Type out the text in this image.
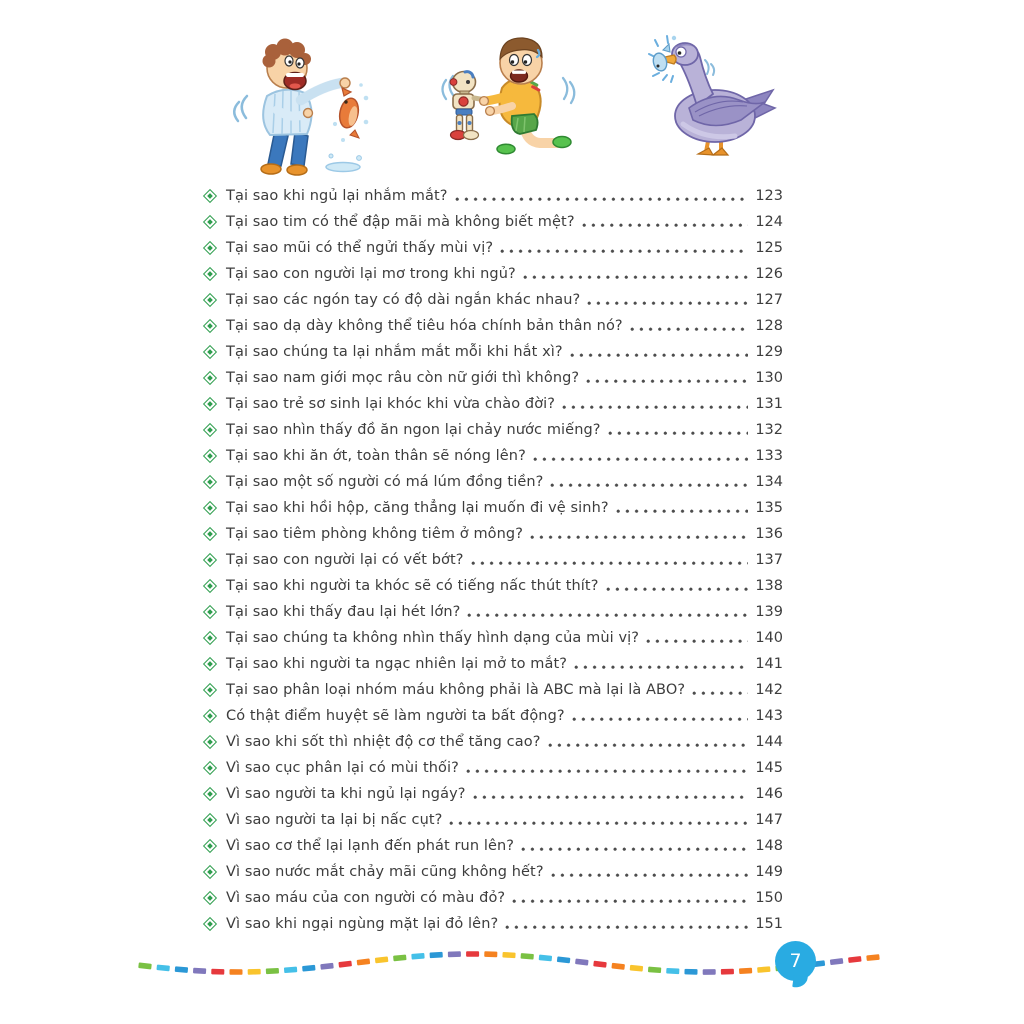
Tại sao khi ngủ lại nhắm mắt?	123
Tại sao tim có thể đập mãi mà không biết mệt?	124
Tại sao mũi có thể ngửi thấy mùi vị?	125
Tại sao con người lại mơ trong khi ngủ?	126
Tại sao các ngón tay có độ dài ngắn khác nhau?	127
Tại sao dạ dày không thể tiêu hóa chính bản thân nó?	128
Tại sao chúng ta lại nhắm mắt mỗi khi hắt xì?	129
Tại sao nam giới mọc râu còn nữ giới thì không?	130
Tại sao trẻ sơ sinh lại khóc khi vừa chào đời?	131
Tại sao nhìn thấy đồ ăn ngon lại chảy nước miếng?	132
Tại sao khi ăn ớt, toàn thân sẽ nóng lên?	133
Tại sao một số người có má lúm đồng tiền?	134
Tại sao khi hồi hộp, căng thẳng lại muốn đi vệ sinh?	135
Tại sao tiêm phòng không tiêm ở mông?	136
Tại sao con người lại có vết bớt?	137
Tại sao khi người ta khóc sẽ có tiếng nấc thút thít?	138
Tại sao khi thấy đau lại hét lớn?	139
Tại sao chúng ta không nhìn thấy hình dạng của mùi vị?	140
Tại sao khi người ta ngạc nhiên lại mở to mắt?	141
Tại sao phân loại nhóm máu không phải là ABC mà lại là ABO?	142
Có thật điểm huyệt sẽ làm người ta bất động?	143
Vì sao khi sốt thì nhiệt độ cơ thể tăng cao?	144
Vì sao cục phân lại có mùi thối?	145
Vì sao người ta khi ngủ lại ngáy?	146
Vì sao người ta lại bị nấc cụt?	147
Vì sao cơ thể lại lạnh đến phát run lên?	148
Vì sao nước mắt chảy mãi cũng không hết?	149
Vì sao máu của con người có màu đỏ?	150
Vì sao khi ngại ngùng mặt lại đỏ lên?	151
7
